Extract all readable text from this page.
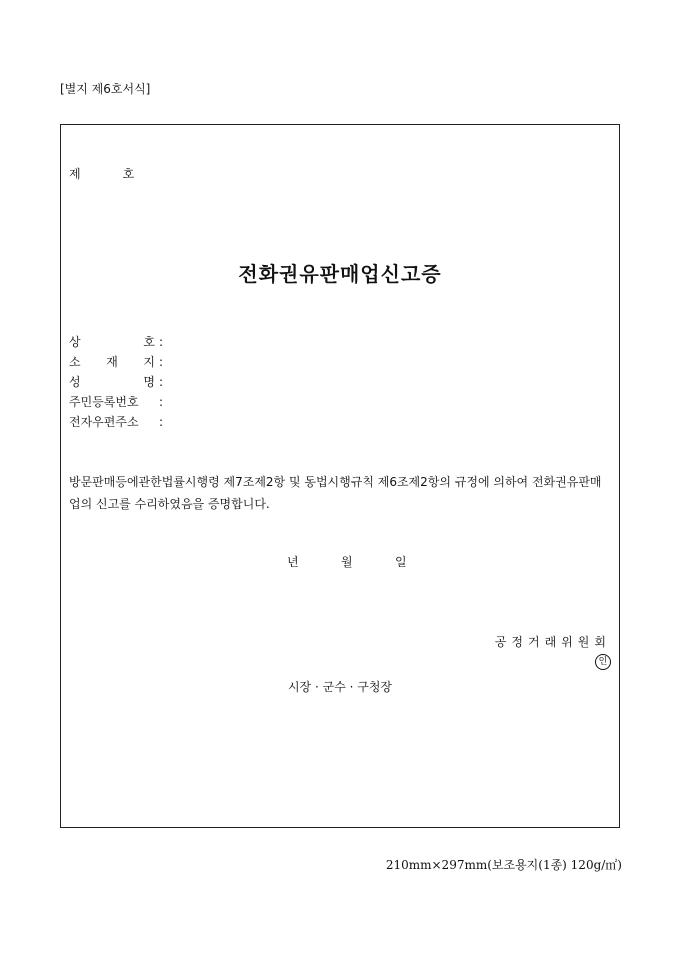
[별지 제6호서식]
제	호
전화권유판매업신고증
상 호 :
소 재 지 :
성 명 :
주민등록번호 :
전자우편주소 :
방문판매등에관한법률시행령 제7조제2항 및 동법시행규칙 제6조제2항의 규정에 의하여 전화권유판매업의 신고를 수리하였음을 증명합니다.
년	월	일
공정거래위원회
인
시장 · 군수 · 구청장
210mm×297mm(보조용지(1종) 120g/㎡)
